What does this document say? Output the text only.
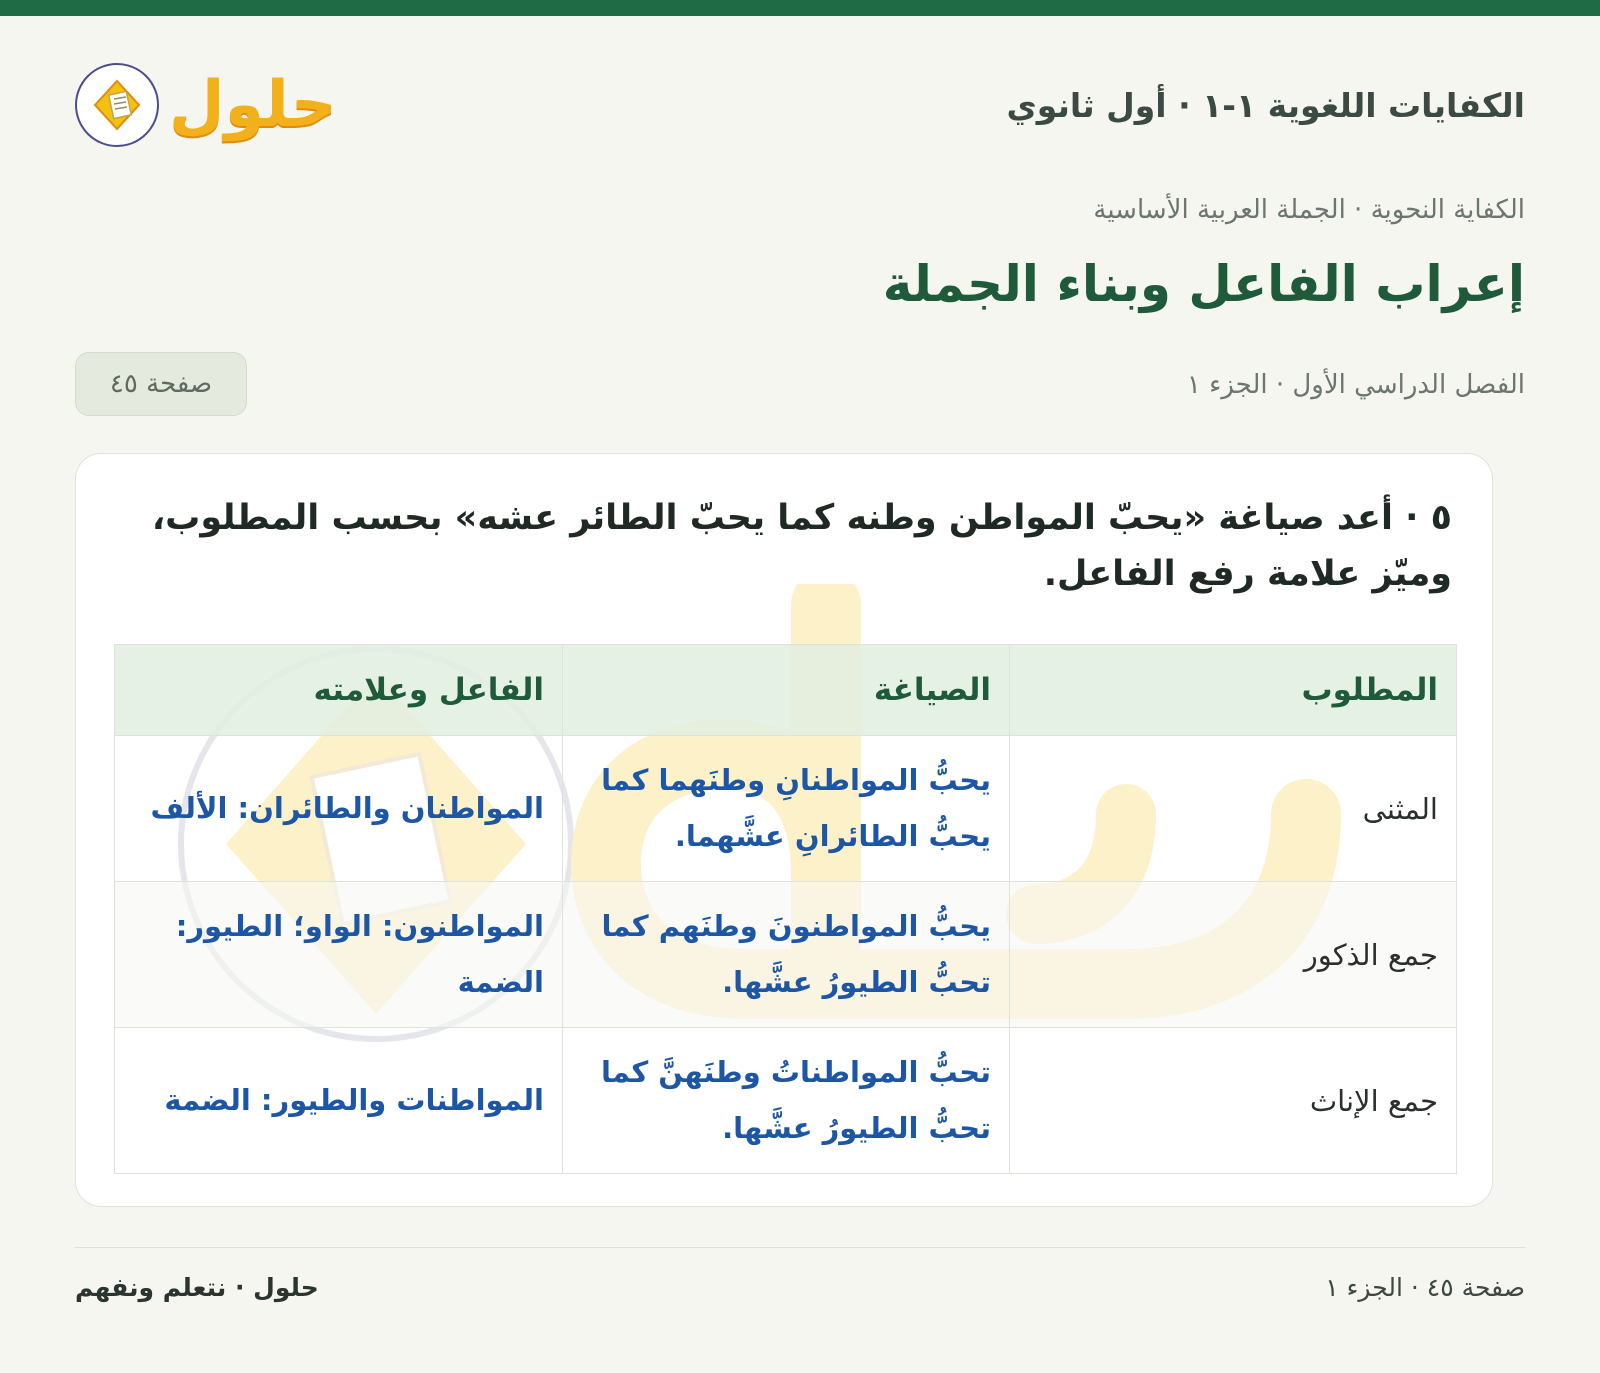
الكفايات اللغوية ١-١ · أول ثانوي
حلول
الكفاية النحوية · الجملة العربية الأساسية
إعراب الفاعل وبناء الجملة
الفصل الدراسي الأول · الجزء ١
صفحة ٤٥

٥ · أعد صياغة «يحبّ المواطن وطنه كما يحبّ الطائر عشه» بحسب المطلوب، وميّز علامة رفع الفاعل.

المطلوب	الصياغة	الفاعل وعلامته
المثنى	يحبُّ المواطنانِ وطنَهما كما يحبُّ الطائرانِ عشَّهما.	المواطنان والطائران: الألف
جمع الذكور	يحبُّ المواطنونَ وطنَهم كما تحبُّ الطيورُ عشَّها.	المواطنون: الواو؛ الطيور: الضمة
جمع الإناث	تحبُّ المواطناتُ وطنَهنَّ كما تحبُّ الطيورُ عشَّها.	المواطنات والطيور: الضمة
صفحة ٤٥ · الجزء ١
حلول · نتعلم ونفهم
